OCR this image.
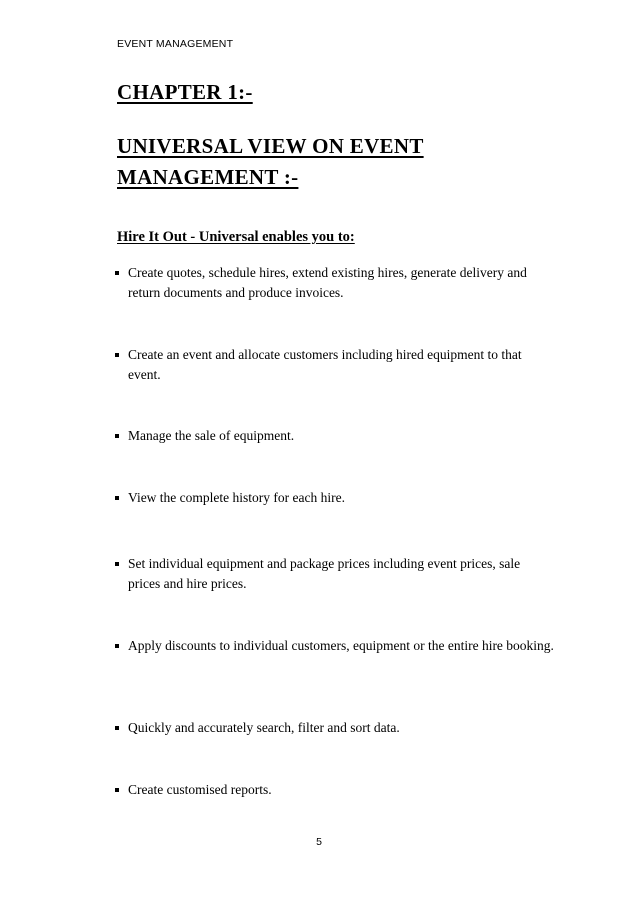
EVENT MANAGEMENT
CHAPTER 1:-
UNIVERSAL VIEW ON EVENT MANAGEMENT :-
Hire It Out - Universal enables you to:
Create quotes, schedule hires, extend existing hires, generate delivery and return documents and produce invoices.
Create an event and allocate customers including hired equipment to that event.
Manage the sale of equipment.
View the complete history for each hire.
Set individual equipment and package prices including event prices, sale prices and hire prices.
Apply discounts to individual customers, equipment or the entire hire booking.
Quickly and accurately search, filter and sort data.
Create customised reports.
5
